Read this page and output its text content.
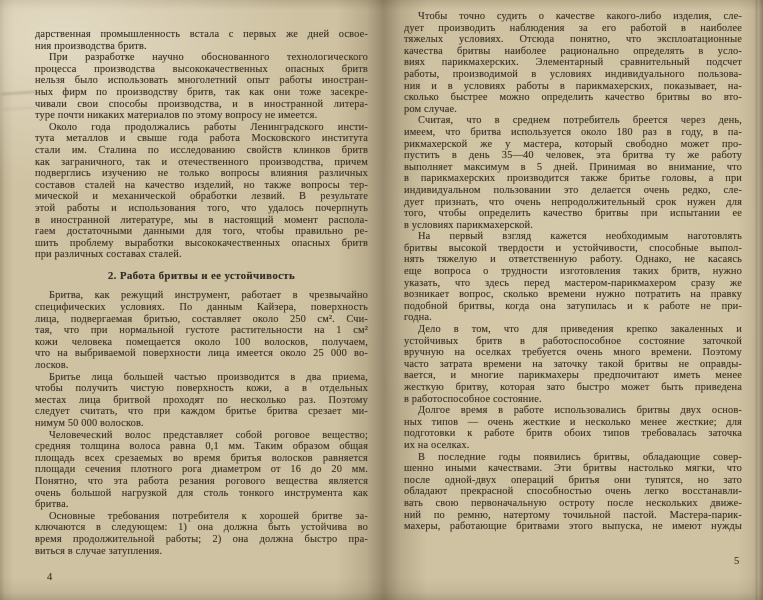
дарственная промышленность встала с первых же дней освое-
ния производства бритв.
При разработке научно обоснованного технологического
процесса производства высококачественных опасных бритв
нельзя было использовать многолетний опыт работы иностран-
ных фирм по производству бритв, так как они тоже засекре-
чивали свои способы производства, и в иностранной литера-
туре почти никаких материалов по этому вопросу не имеется.
Около года продолжались работы Ленинградского инсти-
тута металлов и свыше года работа Московского института
стали им. Сталина по исследованию свойств клинков бритв
как заграничного, так и отечественного производства, причем
подверглись изучению не только вопросы влияния различных
составов сталей на качество изделий, но также вопросы тер-
мической и механической обработки лезвий. В результате
этой работы и использования того, что удалось почерпнуть
в иностранной литературе, мы в настоящий момент распола-
гаем достаточными данными для того, чтобы правильно ре-
шить проблему выработки высококачественных опасных бритв
при различных составах сталей.
2. Работа бритвы и ее устойчивость
Бритва, как режущий инструмент, работает в чрезвычайно
специфических условиях. По данным Кайзера, поверхность
лица, подвергаемая бритью, составляет около 250 см². Счи-
тая, что при нормальной густоте растительности на 1 см²
кожи человека помещается около 100 волосков, получаем,
что на выбриваемой поверхности лица имеется около 25 000 во-
лосков.
Бритье лица большей частью производится в два приема,
чтобы получить чистую поверхность кожи, а в отдельных
местах лица бритвой проходят по несколько раз. Поэтому
следует считать, что при каждом бритье бритва срезает ми-
нимум 50 000 волосков.
Человеческий волос представляет собой роговое вещество;
средняя толщина волоса равна 0,1 мм. Таким образом общая
площадь всех срезаемых во время бритья волосков равняется
площади сечения плотного рога диаметром от 16 до 20 мм.
Понятно, что эта работа резания рогового вещества является
очень большой нагрузкой для столь тонкого инструмента как
бритва.
Основные требования потребителя к хорошей бритве за-
ключаются в следующем: 1) она должна быть устойчива во
время продолжительной работы; 2) она должна быстро пра-
виться в случае затупления.
Чтобы точно судить о качестве какого-либо изделия, сле-
дует производить наблюдения за его работой в наиболее
тяжелых условиях. Отсюда понятно, что эксплоатационные
качества бритвы наиболее рационально определять в усло-
виях парикмахерских. Элементарный сравнительный подсчет
работы, производимой в условиях индивидуального пользова-
ния и в условиях работы в парикмахерских, показывает, на-
сколько быстрее можно определить качество бритвы во вто-
ром случае.
Считая, что в среднем потребитель бреется через день,
имеем, что бритва используется около 180 раз в году, в па-
рикмахерской же у мастера, который свободно может про-
пустить в день 35—40 человек, эта бритва ту же работу
выполняет максимум в 5 дней. Принимая во внимание, что
в парикмахерских производится также бритье головы, а при
индивидуальном пользовании это делается очень редко, сле-
дует признать, что очень непродолжительный срок нужен для
того, чтобы определить качество бритвы при испытании ее
в условиях парикмахерской.
На первый взгляд кажется необходимым наготовлять
бритвы высокой твердости и устойчивости, способные выпол-
нять тяжелую и ответственную работу. Однако, не касаясь
еще вопроса о трудности изготовления таких бритв, нужно
указать, что здесь перед мастером-парикмахером сразу же
возникает вопрос, сколько времени нужно потратить на правку
подобной бритвы, когда она затупилась и к работе не при-
годна.
Дело в том, что для приведения крепко закаленных и
устойчивых бритв в работоспособное состояние заточкой
вручную на оселках требуется очень много времени. Поэтому
часто затрата времени на заточку такой бритвы не оправды-
вается, и многие парикмахеры предпочитают иметь менее
жесткую бритву, которая зато быстро может быть приведена
в работоспособное состояние.
Долгое время в работе использовались бритвы двух основ-
ных типов — очень жесткие и несколько менее жесткие; для
подготовки к работе бритв обоих типов требовалась заточка
их на оселках.
В последние годы появились бритвы, обладающие совер-
шенно иными качествами. Эти бритвы настолько мягки, что
после одной-двух операций бритья они тупятся, но зато
обладают прекрасной способностью очень легко восстанавли-
вать свою первоначальную остроту после нескольких движе-
ний по ремню, натертому точильной пастой. Мастера-парик-
махеры, работающие бритвами этого выпуска, не имеют нужды
4
5
